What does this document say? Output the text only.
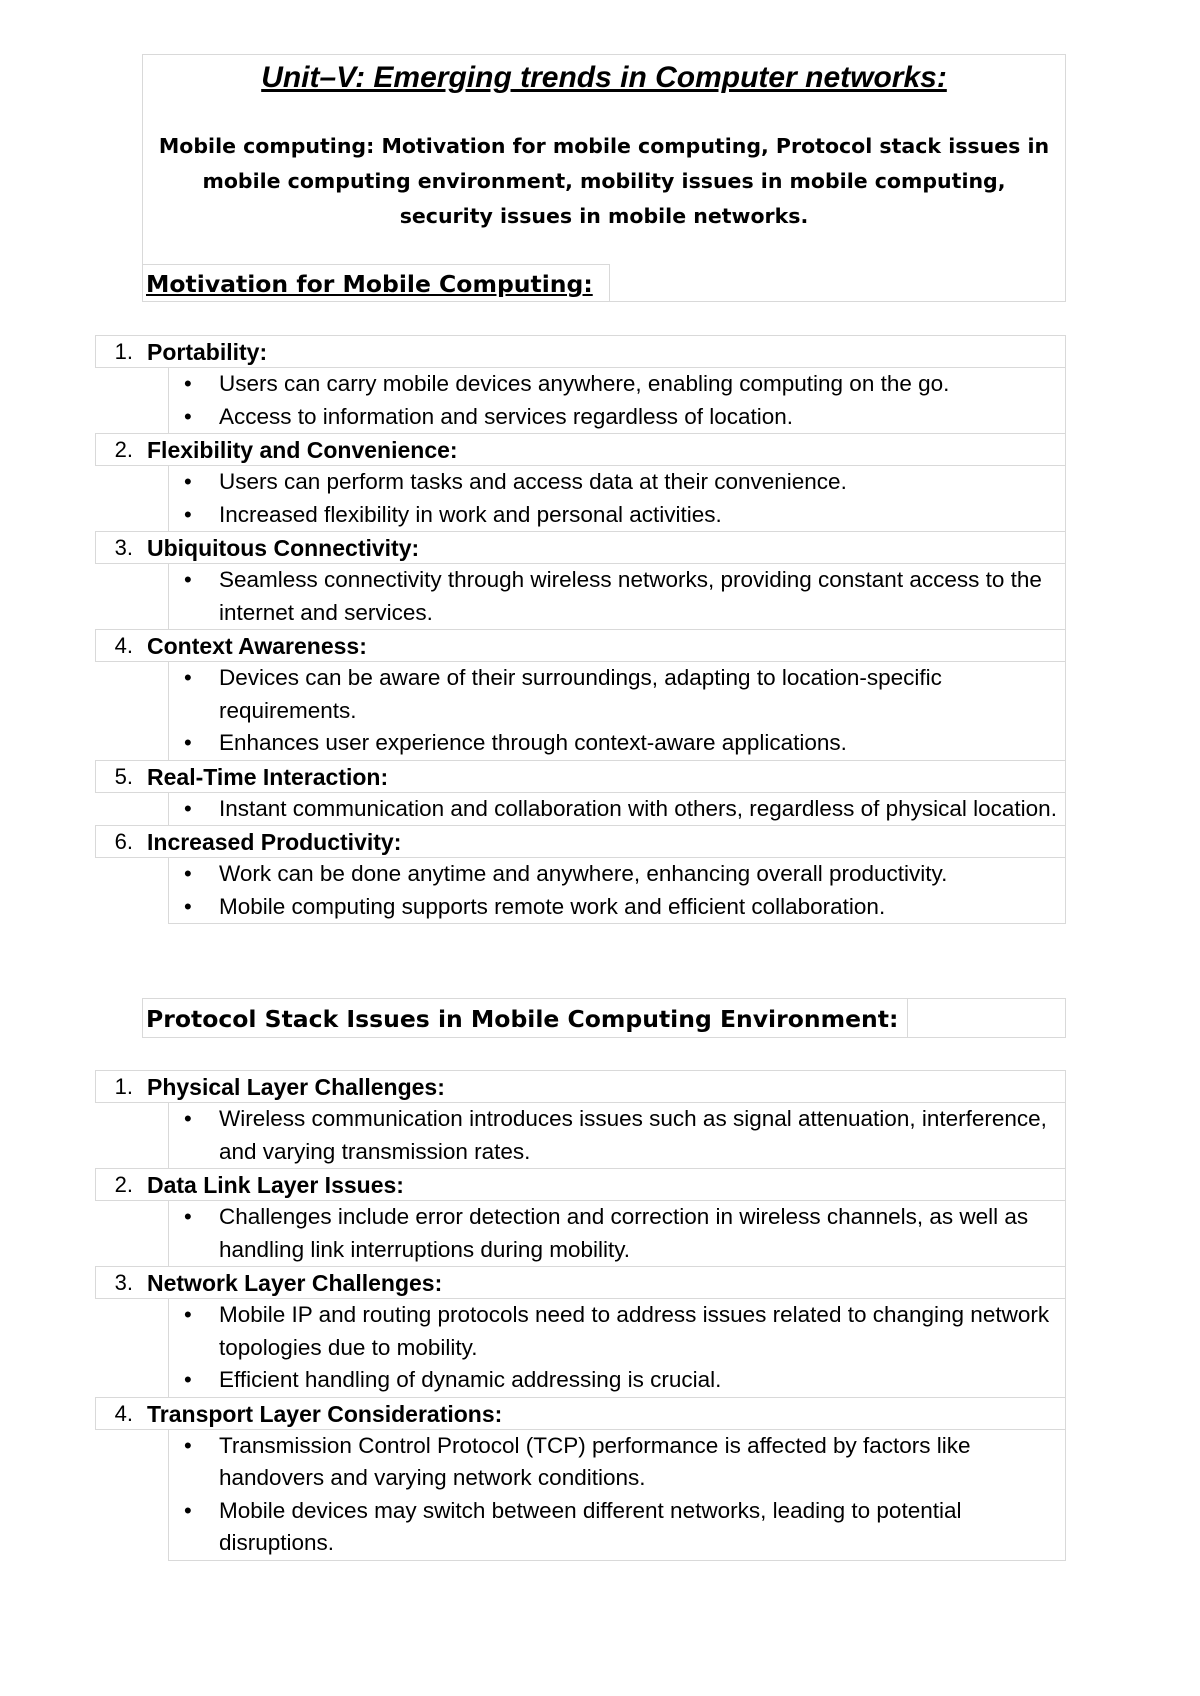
Unit–V: Emerging trends in Computer networks:
Mobile computing: Motivation for mobile computing, Protocol stack issues in mobile computing environment, mobility issues in mobile computing, security issues in mobile networks.
Motivation for Mobile Computing:
1. Portability:
• Users can carry mobile devices anywhere, enabling computing on the go.
• Access to information and services regardless of location.
2. Flexibility and Convenience:
• Users can perform tasks and access data at their convenience.
• Increased flexibility in work and personal activities.
3. Ubiquitous Connectivity:
• Seamless connectivity through wireless networks, providing constant access to the internet and services.
4. Context Awareness:
• Devices can be aware of their surroundings, adapting to location-specific requirements.
• Enhances user experience through context-aware applications.
5. Real-Time Interaction:
• Instant communication and collaboration with others, regardless of physical location.
6. Increased Productivity:
• Work can be done anytime and anywhere, enhancing overall productivity.
• Mobile computing supports remote work and efficient collaboration.
Protocol Stack Issues in Mobile Computing Environment:
1. Physical Layer Challenges:
• Wireless communication introduces issues such as signal attenuation, interference, and varying transmission rates.
2. Data Link Layer Issues:
• Challenges include error detection and correction in wireless channels, as well as handling link interruptions during mobility.
3. Network Layer Challenges:
• Mobile IP and routing protocols need to address issues related to changing network topologies due to mobility.
• Efficient handling of dynamic addressing is crucial.
4. Transport Layer Considerations:
• Transmission Control Protocol (TCP) performance is affected by factors like handovers and varying network conditions.
• Mobile devices may switch between different networks, leading to potential disruptions.
